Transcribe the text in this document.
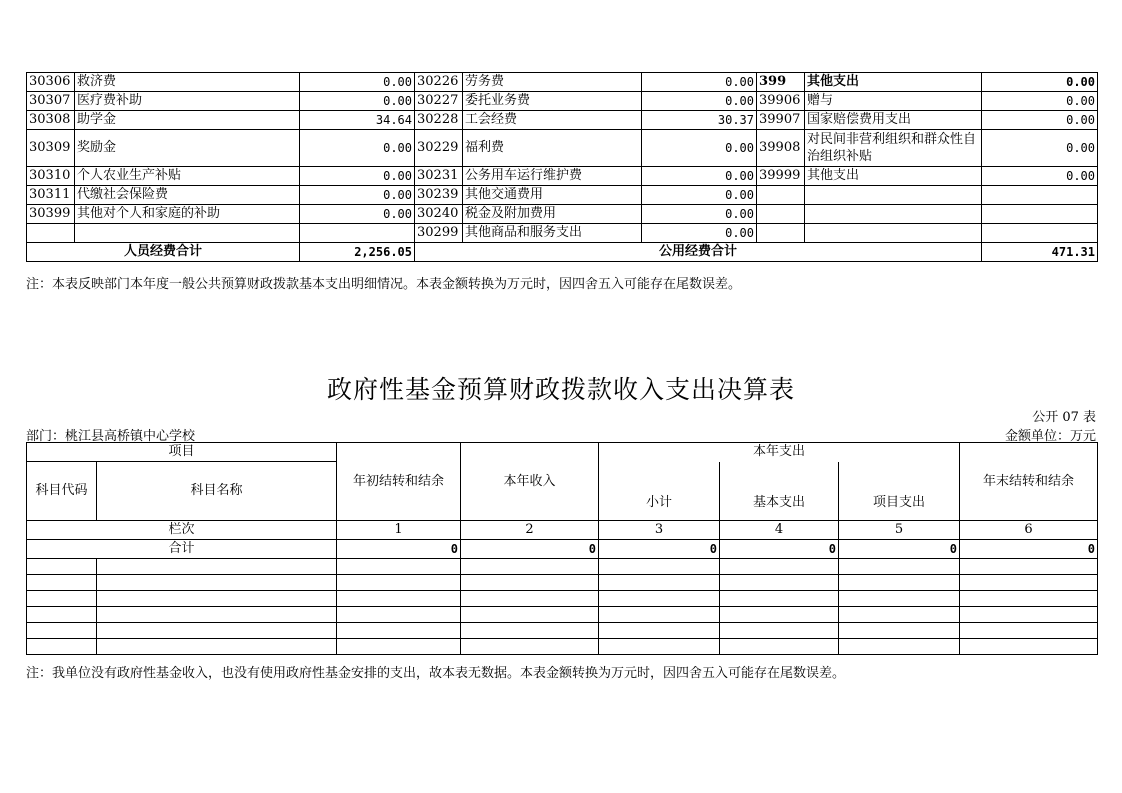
30306	救济费	0.00	30226	劳务费	0.00	399	其他支出	0.00
30307	医疗费补助	0.00	30227	委托业务费	0.00	39906	赠与	0.00
30308	助学金	34.64	30228	工会经费	30.37	39907	国家赔偿费用支出	0.00
30309	奖励金	0.00	30229	福利费	0.00	39908	对民间非营利组织和群众性自治组织补贴	0.00
30310	个人农业生产补贴	0.00	30231	公务用车运行维护费	0.00	39999	其他支出	0.00
30311	代缴社会保险费	0.00	30239	其他交通费用	0.00			
30399	其他对个人和家庭的补助	0.00	30240	税金及附加费用	0.00			
			30299	其他商品和服务支出	0.00			
人员经费合计		2,256.05	公用经费合计					471.31
注：本表反映部门本年度一般公共预算财政拨款基本支出明细情况。本表金额转换为万元时，因四舍五入可能存在尾数误差。
政府性基金预算财政拨款收入支出决算表
公开 07 表
部门：桃江县高桥镇中心学校	金额单位：万元
项目		年初结转和结余	本年收入	本年支出			年末结转和结余
科目代码	科目名称			小计	基本支出	项目支出	
栏次		1	2	3	4	5	6
合计		0	0	0	0	0	0

注：我单位没有政府性基金收入，也没有使用政府性基金安排的支出，故本表无数据。本表金额转换为万元时，因四舍五入可能存在尾数误差。
